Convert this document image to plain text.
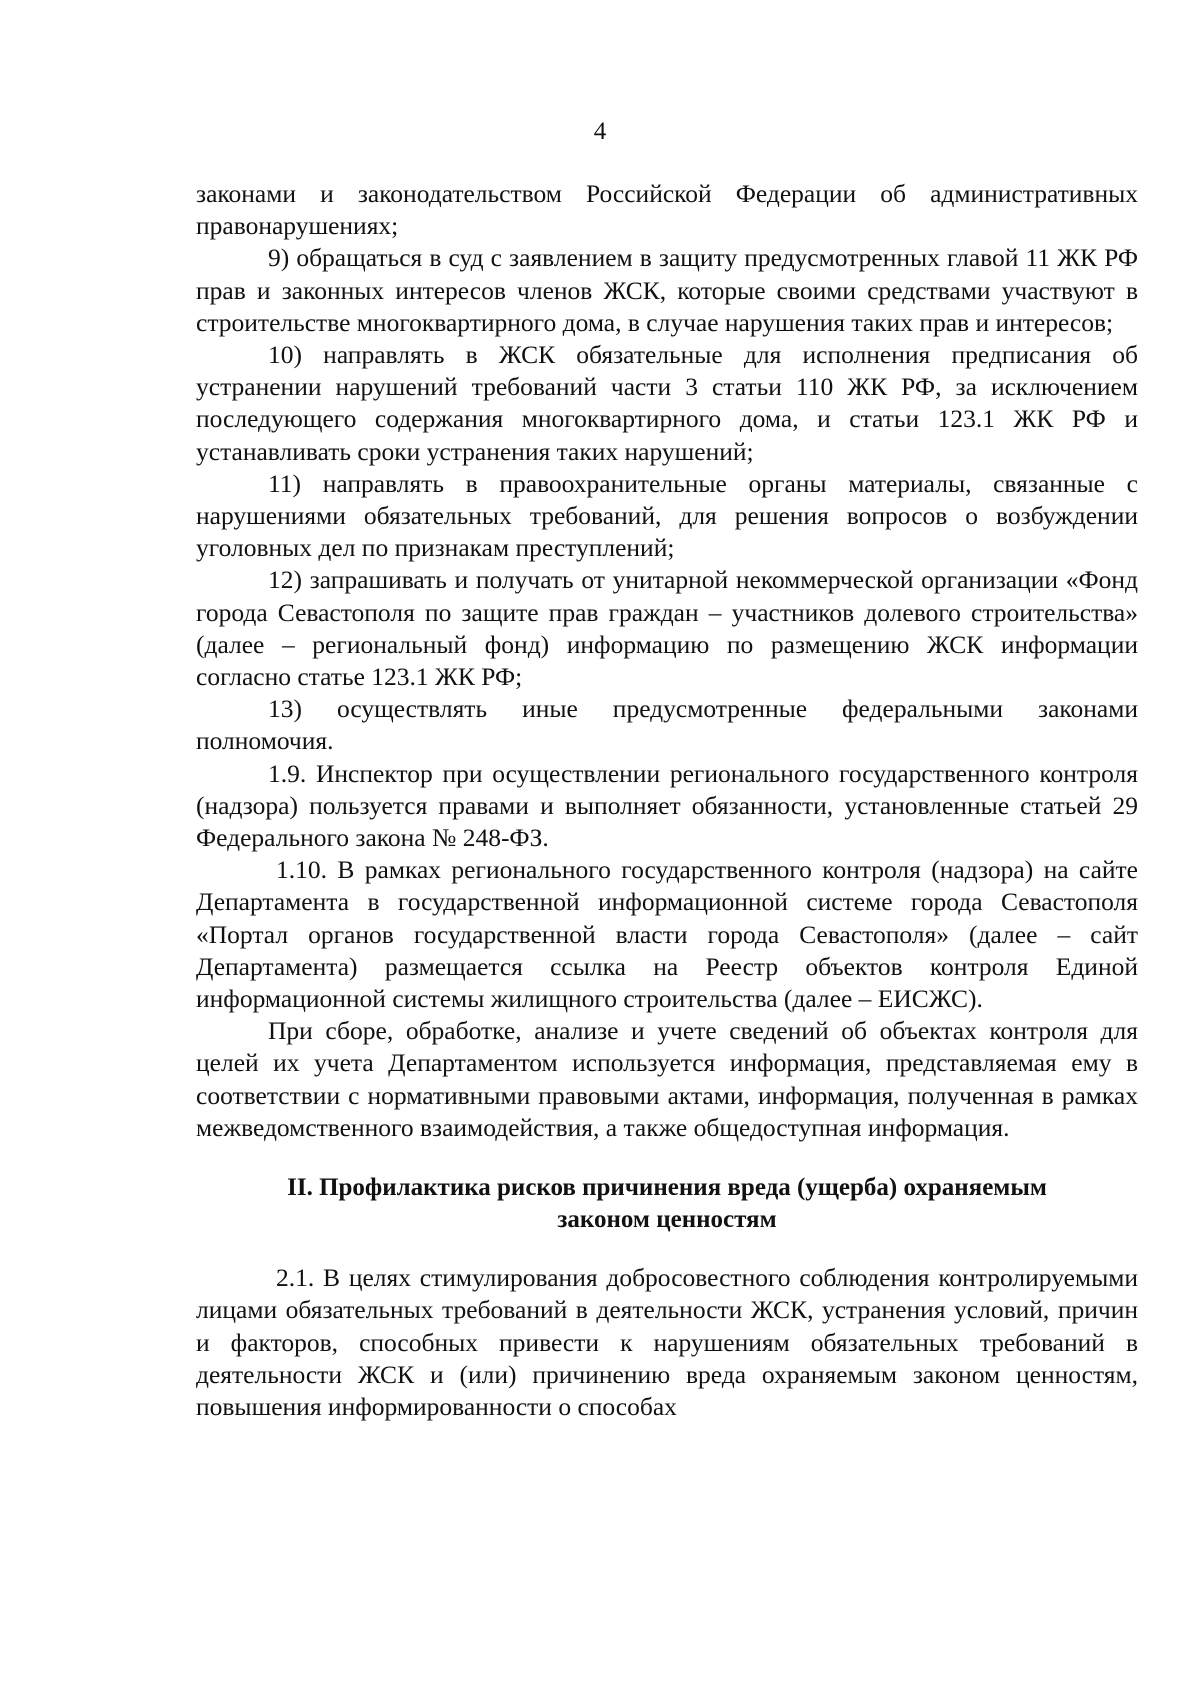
4

законами и законодательством Российской Федерации об административных правонарушениях;

9) обращаться в суд с заявлением в защиту предусмотренных главой 11 ЖК РФ прав и законных интересов членов ЖСК, которые своими средствами участвуют в строительстве многоквартирного дома, в случае нарушения таких прав и интересов;

10) направлять в ЖСК обязательные для исполнения предписания об устранении нарушений требований части 3 статьи 110 ЖК РФ, за исключением последующего содержания многоквартирного дома, и статьи 123.1 ЖК РФ и устанавливать сроки устранения таких нарушений;

11) направлять в правоохранительные органы материалы, связанные с нарушениями обязательных требований, для решения вопросов о возбуждении уголовных дел по признакам преступлений;

12) запрашивать и получать от унитарной некоммерческой организации «Фонд города Севастополя по защите прав граждан – участников долевого строительства» (далее – региональный фонд) информацию по размещению ЖСК информации согласно статье 123.1 ЖК РФ;

13) осуществлять иные предусмотренные федеральными законами полномочия.

1.9. Инспектор при осуществлении регионального государственного контроля (надзора) пользуется правами и выполняет обязанности, установленные статьей 29 Федерального закона № 248-ФЗ.

1.10. В рамках регионального государственного контроля (надзора) на сайте Департамента в государственной информационной системе города Севастополя «Портал органов государственной власти города Севастополя» (далее – сайт Департамента) размещается ссылка на Реестр объектов контроля Единой информационной системы жилищного строительства (далее – ЕИСЖС).

При сборе, обработке, анализе и учете сведений об объектах контроля для целей их учета Департаментом используется информация, представляемая ему в соответствии с нормативными правовыми актами, информация, полученная в рамках межведомственного взаимодействия, а также общедоступная информация.

II. Профилактика рисков причинения вреда (ущерба) охраняемым
законом ценностям

2.1. В целях стимулирования добросовестного соблюдения контролируемыми лицами обязательных требований в деятельности ЖСК, устранения условий, причин и факторов, способных привести к нарушениям обязательных требований в деятельности ЖСК и (или) причинению вреда охраняемым законом ценностям, повышения информированности о способах
